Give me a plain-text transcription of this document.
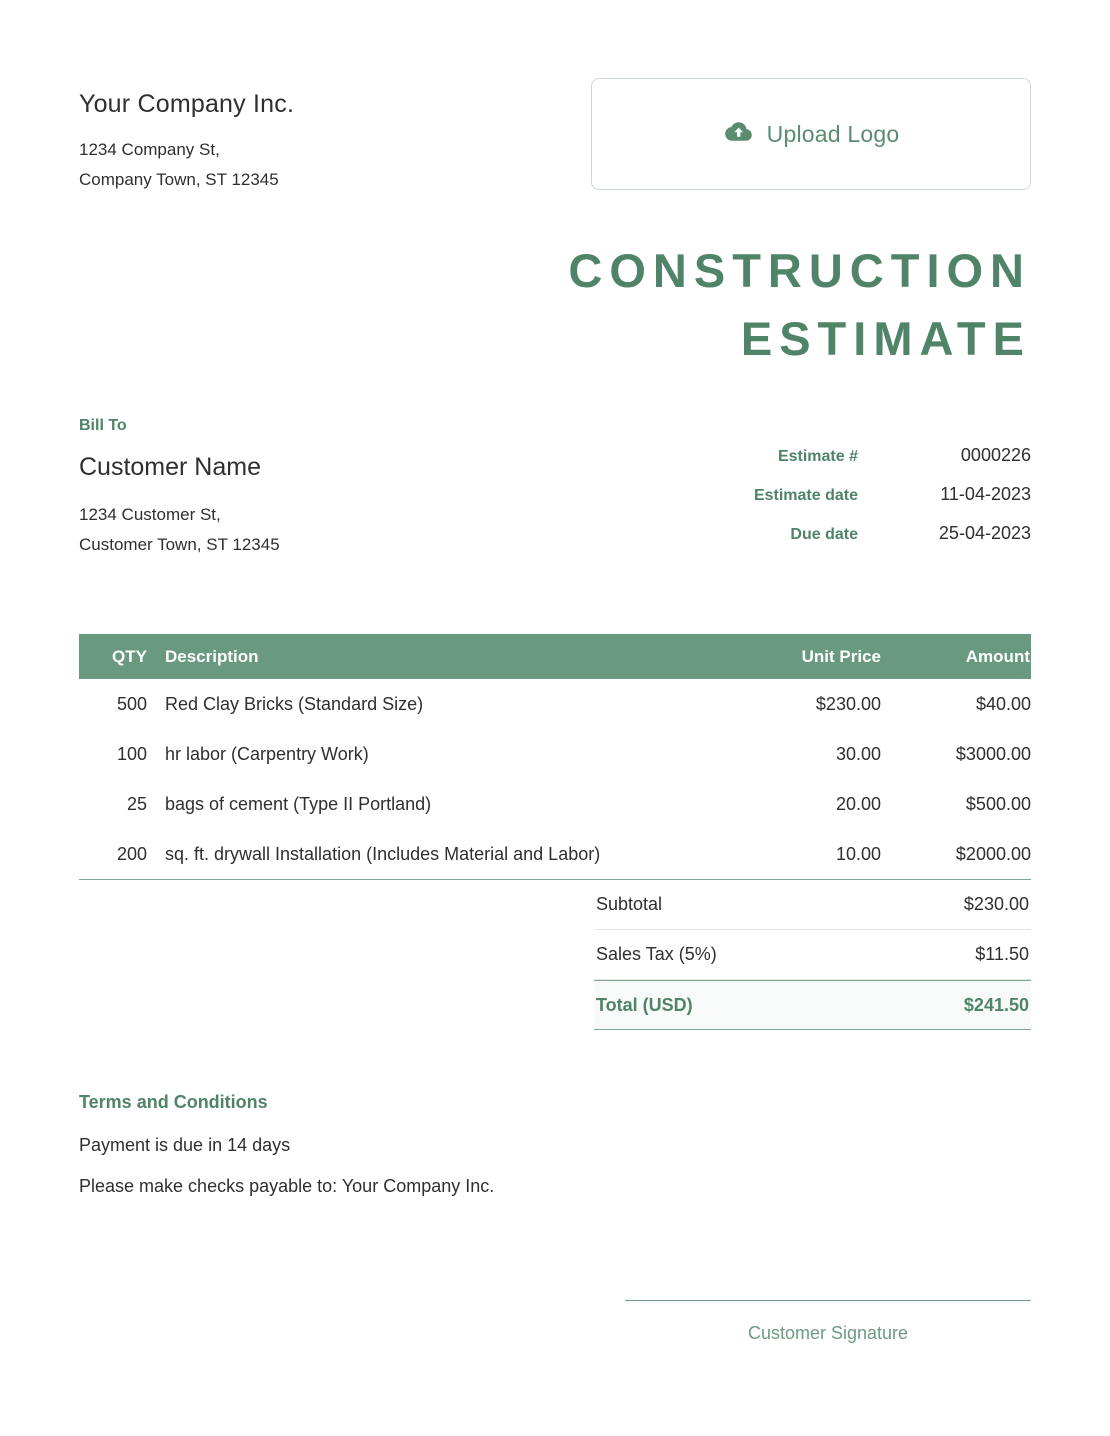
Your Company Inc.
1234 Company St,
Company Town, ST 12345
Upload Logo
CONSTRUCTION
ESTIMATE
Bill To
Customer Name
1234 Customer St,
Customer Town, ST 12345
Estimate #	0000226
Estimate date	11-04-2023
Due date	25-04-2023
QTY	Description	Unit Price	Amount
500	Red Clay Bricks (Standard Size)	$230.00	$40.00
100	hr labor (Carpentry Work)	30.00	$3000.00
25	bags of cement (Type II Portland)	20.00	$500.00
200	sq. ft. drywall Installation (Includes Material and Labor)	10.00	$2000.00
Subtotal	$230.00
Sales Tax (5%)	$11.50
Total (USD)	$241.50
Terms and Conditions
Payment is due in 14 days
Please make checks payable to: Your Company Inc.
Customer Signature
